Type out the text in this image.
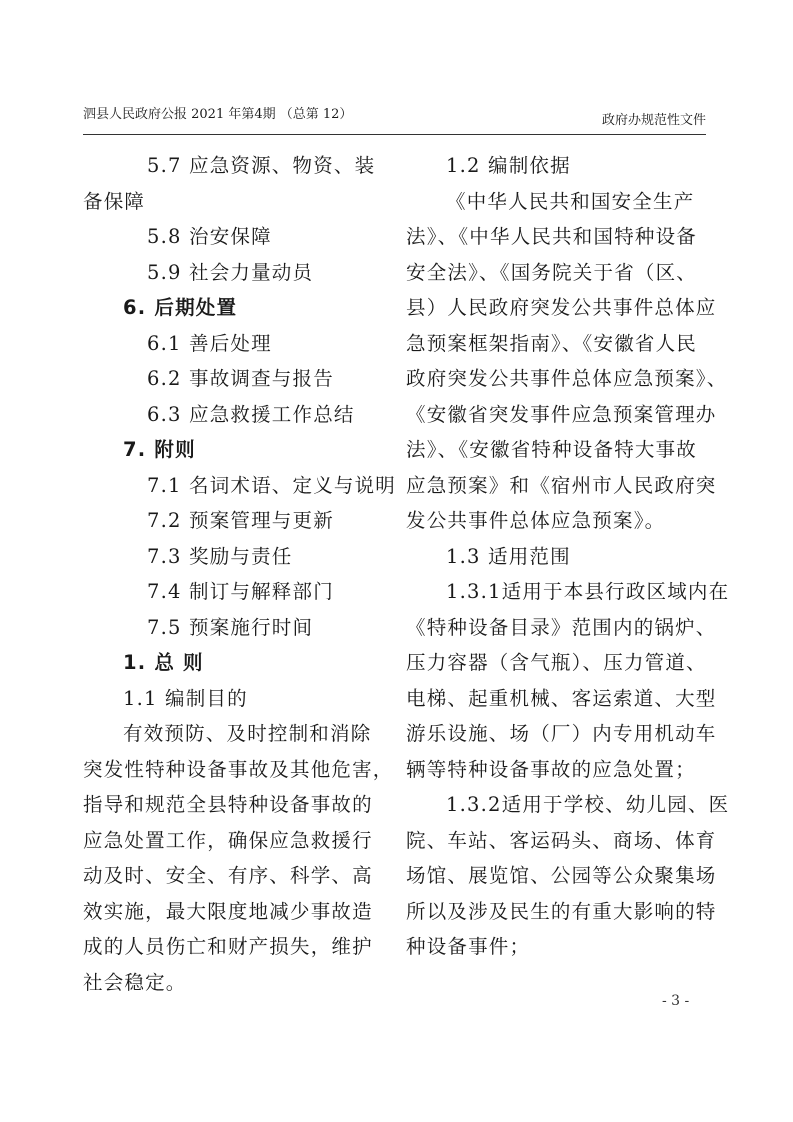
泗县人民政府公报 2021 年第4期 （总第 12）	政府办规范性文件
5.7 应急资源、物资、装
备保障
5.8 治安保障
5.9 社会力量动员
6. 后期处置
6.1 善后处理
6.2 事故调查与报告
6.3 应急救援工作总结
7. 附则
7.1 名词术语、定义与说明
7.2 预案管理与更新
7.3 奖励与责任
7.4 制订与解释部门
7.5 预案施行时间
1. 总 则
1.1 编制目的
有效预防、及时控制和消除
突发性特种设备事故及其他危害，
指导和规范全县特种设备事故的
应急处置工作，确保应急救援行
动及时、安全、有序、科学、高
效实施，最大限度地减少事故造
成的人员伤亡和财产损失，维护
社会稳定。
1.2 编制依据
《中华人民共和国安全生产
法》、《中华人民共和国特种设备
安全法》、《国务院关于省（区、
县）人民政府突发公共事件总体应
急预案框架指南》、《安徽省人民
政府突发公共事件总体应急预案》、
《安徽省突发事件应急预案管理办
法》、《安徽省特种设备特大事故
应急预案》和《宿州市人民政府突
发公共事件总体应急预案》。
1.3 适用范围
1.3.1适用于本县行政区域内在
《特种设备目录》范围内的锅炉、
压力容器（含气瓶）、压力管道、
电梯、起重机械、客运索道、大型
游乐设施、场（厂）内专用机动车
辆等特种设备事故的应急处置；
1.3.2适用于学校、幼儿园、医
院、车站、客运码头、商场、体育
场馆、展览馆、公园等公众聚集场
所以及涉及民生的有重大影响的特
种设备事件；
- 3 -
